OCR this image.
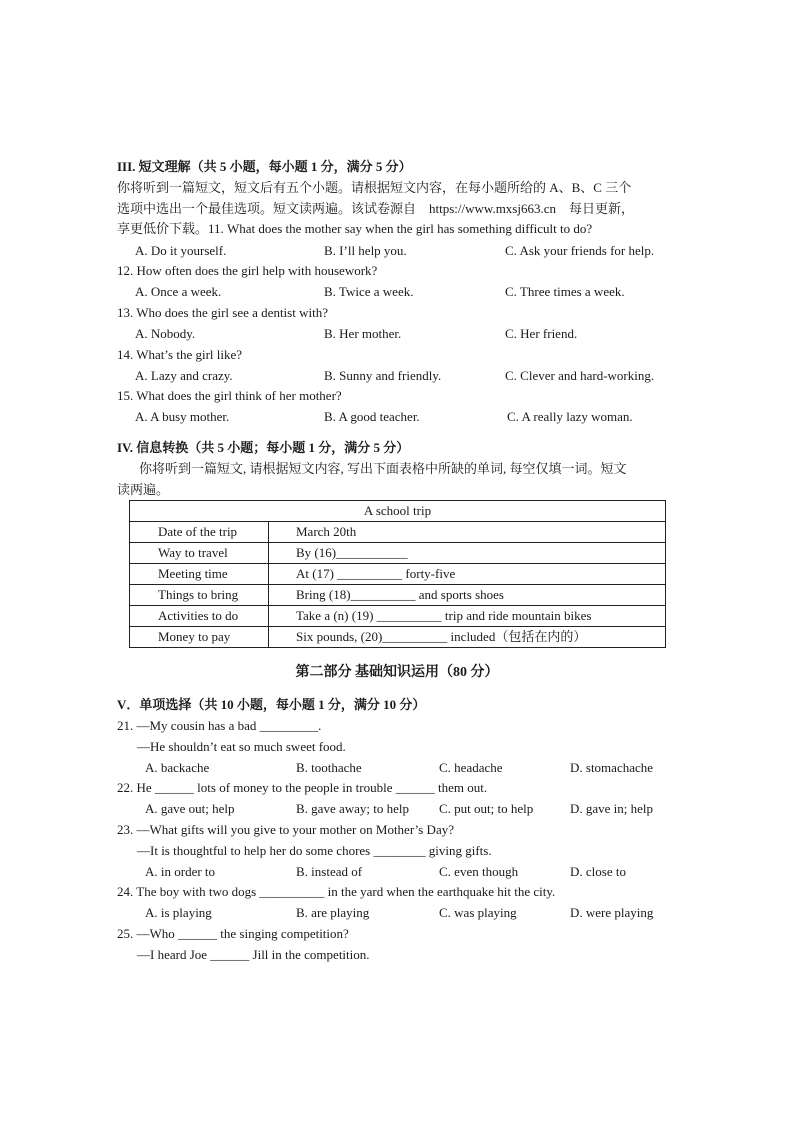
III. 短文理解（共 5 小题，每小题 1 分，满分 5 分）
你将听到一篇短文，短文后有五个小题。请根据短文内容，在每小题所给的 A、B、C 三个
选项中选出一个最佳选项。短文读两遍。该试卷源自　https://www.mxsj663.cn　每日更新，
享更低价下载。11. What does the mother say when the girl has something difficult to do?
A. Do it yourself.	B. I’ll help you.	C. Ask your friends for help.
12. How often does the girl help with housework?
A. Once a week.	B. Twice a week.	C. Three times a week.
13. Who does the girl see a dentist with?
A. Nobody.	B. Her mother.	C. Her friend.
14. What’s the girl like?
A. Lazy and crazy.	B. Sunny and friendly.	C. Clever and hard-working.
15. What does the girl think of her mother?
A. A busy mother.	B. A good teacher.	C. A really lazy woman.
IV. 信息转换（共 5 小题；每小题 1 分，满分 5 分）
你将听到一篇短文, 请根据短文内容, 写出下面表格中所缺的单词, 每空仅填一词。短文
读两遍。
A school trip	
Date of the trip	March 20th
Way to travel	By (16)___________
Meeting time	At (17) __________ forty-five
Things to bring	Bring (18)__________ and sports shoes
Activities to do	Take a (n) (19) __________ trip and ride mountain bikes
Money to pay	Six pounds, (20)__________ included（包括在内的）
第二部分 基础知识运用（80 分）
V．单项选择（共 10 小题，每小题 1 分，满分 10 分）
21. —My cousin has a bad _________.
—He shouldn’t eat so much sweet food.
A. backache	B. toothache	C. headache	D. stomachache
22. He ______ lots of money to the people in trouble ______ them out.
A. gave out; help	B. gave away; to help C. put out; to help	D. gave in; help
23. —What gifts will you give to your mother on Mother’s Day?
—It is thoughtful to help her do some chores ________ giving gifts.
A. in order to	B. instead of	C. even though	D. close to
24. The boy with two dogs __________ in the yard when the earthquake hit the city.
A. is playing	B. are playing	C. was playing	D. were playing
25. —Who ______ the singing competition?
—I heard Joe ______ Jill in the competition.
